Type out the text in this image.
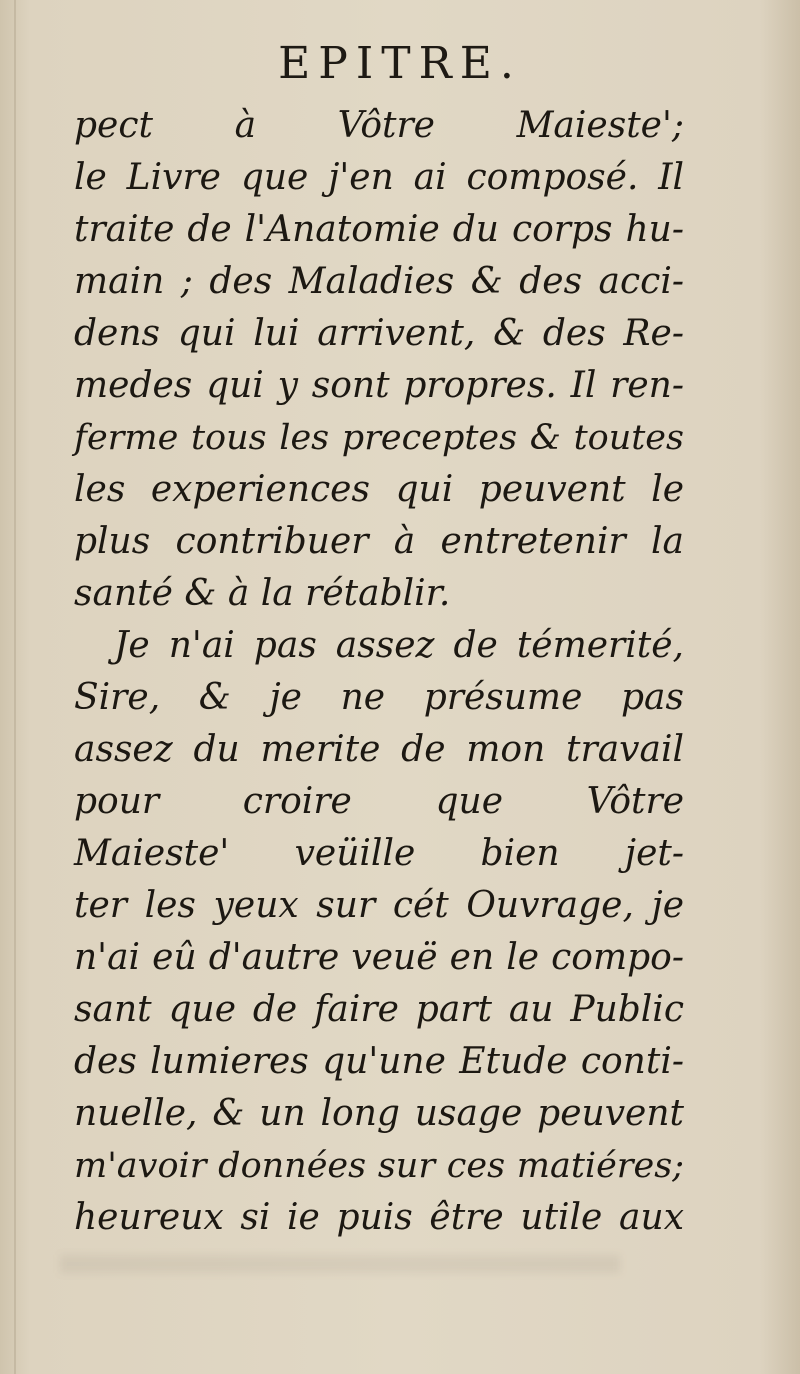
EPITRE.
pect à Vôtre Maieste';
le Livre que j'en ai composé. Il
traite de l'Anatomie du corps hu-
main ; des Maladies & des acci-
dens qui lui arrivent, & des Re-
medes qui y sont propres. Il ren-
ferme tous les preceptes & toutes
les experiences qui peuvent le
plus contribuer à entretenir la
santé & à la rétablir.
Je n'ai pas assez de témerité,
Sire, & je ne présume pas
assez du merite de mon travail
pour croire que Vôtre
Maieste' veüille bien jet-
ter les yeux sur cét Ouvrage, je
n'ai eû d'autre veuë en le compo-
sant que de faire part au Public
des lumieres qu'une Etude conti-
nuelle, & un long usage peuvent
m'avoir données sur ces matiéres;
heureux si ie puis être utile aux
